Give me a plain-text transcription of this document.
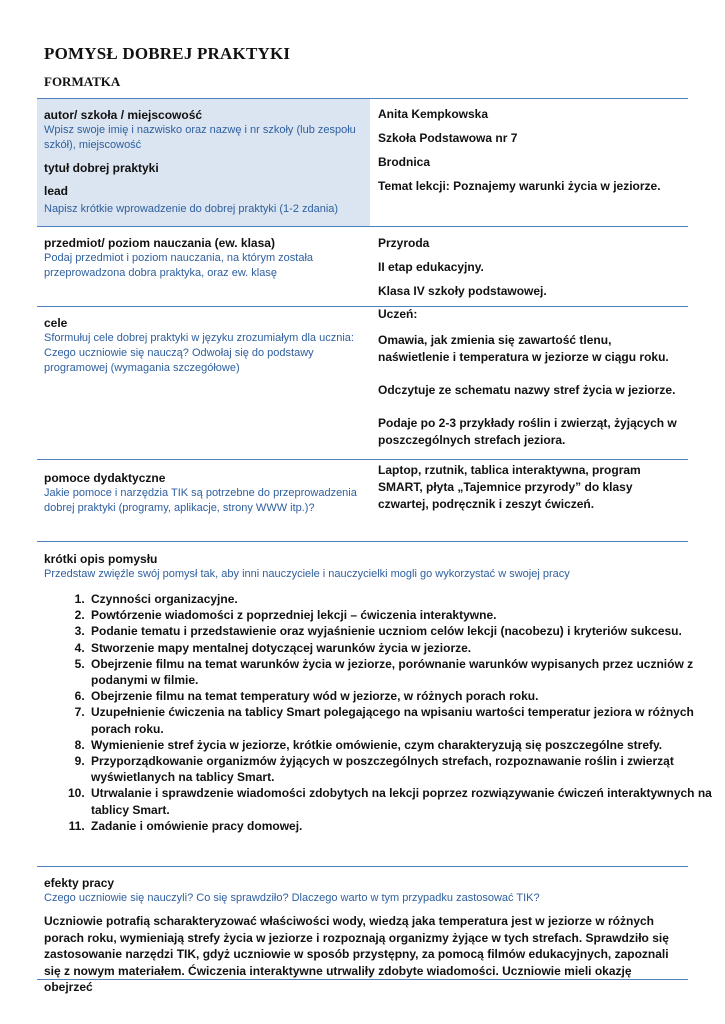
POMYSŁ DOBREJ PRAKTYKI
FORMATKA
autor/ szkoła / miejscowość
Wpisz swoje imię i nazwisko oraz nazwę i nr szkoły (lub zespołu szkół), miejscowość
tytuł dobrej praktyki
lead
Napisz krótkie wprowadzenie do dobrej praktyki (1-2 zdania)
Anita Kempkowska
Szkoła Podstawowa nr 7
Brodnica
Temat lekcji: Poznajemy warunki życia w jeziorze.
przedmiot/ poziom nauczania (ew. klasa)
Podaj przedmiot i poziom nauczania, na którym została przeprowadzona dobra praktyka, oraz ew. klasę
Przyroda
II etap edukacyjny.
Klasa IV szkoły podstawowej.
cele
Sformułuj cele dobrej praktyki w języku zrozumiałym dla ucznia: Czego uczniowie się nauczą? Odwołaj się do podstawy programowej (wymagania szczegółowe)
Uczeń:
Omawia, jak zmienia się zawartość tlenu, naświetlenie i temperatura w jeziorze w ciągu roku.
Odczytuje ze schematu nazwy stref życia w jeziorze.
Podaje po 2-3 przykłady roślin i zwierząt, żyjących w poszczególnych strefach jeziora.
pomoce dydaktyczne
Jakie pomoce i narzędzia TIK są potrzebne do przeprowadzenia dobrej praktyki (programy, aplikacje, strony WWW itp.)?
Laptop, rzutnik, tablica interaktywna, program SMART, płyta „Tajemnice przyrody” do klasy czwartej, podręcznik i zeszyt ćwiczeń.
krótki opis pomysłu
Przedstaw zwięźle swój pomysł tak, aby inni nauczyciele i nauczycielki mogli go wykorzystać w swojej pracy
1. Czynności organizacyjne.
2. Powtórzenie wiadomości z poprzedniej lekcji – ćwiczenia interaktywne.
3. Podanie tematu i przedstawienie oraz wyjaśnienie uczniom celów lekcji (nacobezu) i kryteriów sukcesu.
4. Stworzenie mapy mentalnej dotyczącej warunków życia w jeziorze.
5. Obejrzenie filmu na temat warunków życia w jeziorze, porównanie warunków wypisanych przez uczniów z podanymi w filmie.
6. Obejrzenie filmu na temat temperatury wód w jeziorze, w różnych porach roku.
7. Uzupełnienie ćwiczenia na tablicy Smart polegającego na wpisaniu wartości temperatur jeziora w różnych porach roku.
8. Wymienienie stref życia w jeziorze, krótkie omówienie, czym charakteryzują się poszczególne strefy.
9. Przyporządkowanie organizmów żyjących w poszczególnych strefach, rozpoznawanie roślin i zwierząt wyświetlanych na tablicy Smart.
10. Utrwalanie i sprawdzenie wiadomości zdobytych na lekcji poprzez rozwiązywanie ćwiczeń interaktywnych na tablicy Smart.
11. Zadanie i omówienie pracy domowej.
efekty pracy
Czego uczniowie się nauczyli? Co się sprawdziło? Dlaczego warto w tym przypadku zastosować TIK?
Uczniowie potrafią scharakteryzować właściwości wody, wiedzą jaka temperatura jest w jeziorze w różnych porach roku, wymieniają strefy życia w jeziorze i rozpoznają organizmy żyjące w tych strefach. Sprawdziło się zastosowanie narzędzi TIK, gdyż uczniowie w sposób przystępny, za pomocą filmów edukacyjnych, zapoznali się z nowym materiałem. Ćwiczenia interaktywne utrwaliły zdobyte wiadomości. Uczniowie mieli okazję obejrzeć
